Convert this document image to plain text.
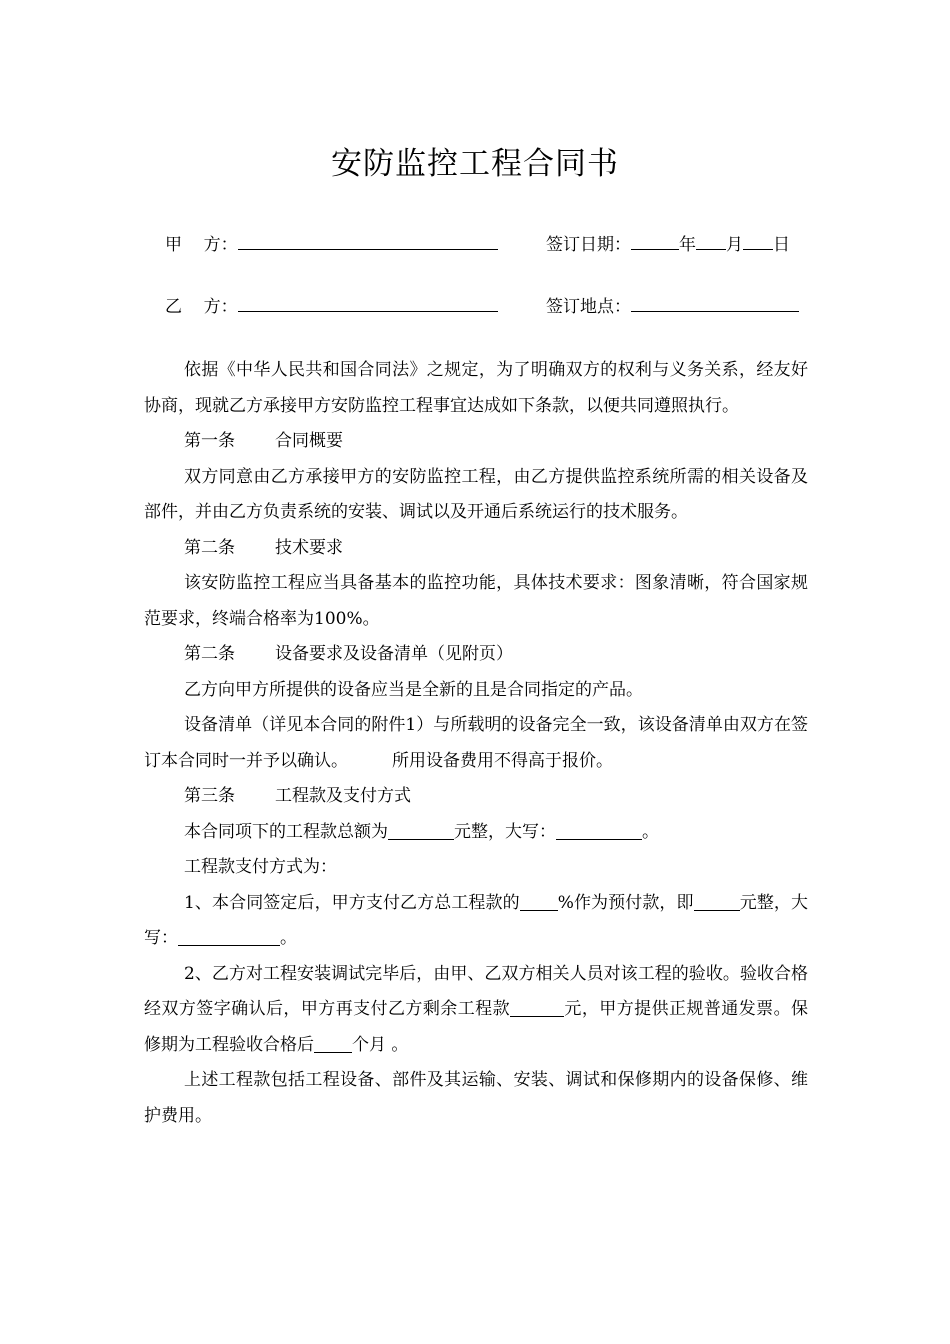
安防监控工程合同书
甲    方：	签订日期：	年 月 日
乙    方：	签订地点：

依据《中华人民共和国合同法》之规定，为了明确双方的权利与义务关系，经友好协商，现就乙方承接甲方安防监控工程事宜达成如下条款，以便共同遵照执行。

第一条 合同概要

双方同意由乙方承接甲方的安防监控工程，由乙方提供监控系统所需的相关设备及部件，并由乙方负责系统的安装、调试以及开通后系统运行的技术服务。

第二条 技术要求

该安防监控工程应当具备基本的监控功能，具体技术要求：图象清晰，符合国家规范要求，终端合格率为100%。

第二条 设备要求及设备清单（见附页）

乙方向甲方所提供的设备应当是全新的且是合同指定的产品。

设备清单（详见本合同的附件1）与所载明的设备完全一致，该设备清单由双方在签订本合同时一并予以确认。	所用设备费用不得高于报价。

第三条 工程款及支付方式

本合同项下的工程款总额为	元整，大写：	。

工程款支付方式为：

1、本合同签定后，甲方支付乙方总工程款的 %作为预付款，即	元整，大写：	。

2、乙方对工程安装调试完毕后，由甲、乙双方相关人员对该工程的验收。验收合格经双方签字确认后，甲方再支付乙方剩余工程款	元，甲方提供正规普通发票。保修期为工程验收合格后 个月 。

上述工程款包括工程设备、部件及其运输、安装、调试和保修期内的设备保修、维护费用。
